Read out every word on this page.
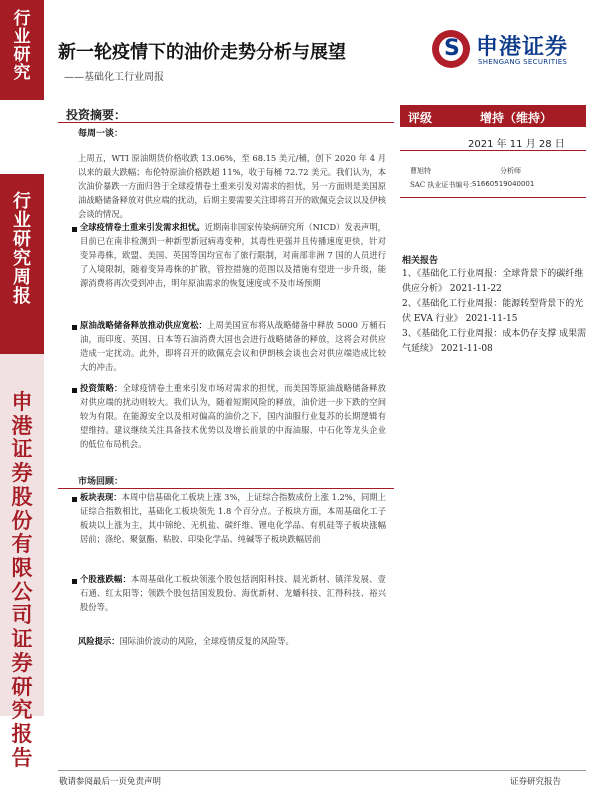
行业研究
行业研究周报
申港证券股份有限公司证券研究报告
新一轮疫情下的油价走势分析与展望
——基础化工行业周报
S 申港证券
SHENGANG SECURITIES
评级	增持（维持）
2021 年 11 月 28 日
曹旭特	分析师
SAC 执业证书编号：
S1660519040001
相关报告
1、《基础化工行业周报：全球背景下的碳纤维供应分析》 2021-11-22
2、《基础化工行业周报：能源转型背景下的光伏 EVA 行业》 2021-11-15
3、《基础化工行业周报：成本仍存支撑 成果需气延续》 2021-11-08
投资摘要：
每周一谈：
上周五，WTI 原油期货价格收跌 13.06%，至 68.15 美元/桶，创下 2020 年 4 月以来的最大跌幅；布伦特原油价格跌超 11%，收于每桶 72.72 美元。我们认为，本次油价暴跌一方面归咎于全球疫情卷土重来引发对需求的担忧，另一方面则是美国原油战略储备释放对供应端的扰动，后期主要需要关注即将召开的欧佩克会议以及伊核会谈的情况。
全球疫情卷土重来引发需求担忧。近期南非国家传染病研究所（NICD）发表声明，目前已在南非检测到一种新型新冠病毒变种，其毒性更强并且传播速度更快，针对变异毒株，欧盟、美国、英国等国均宣布了旅行限制，对南部非洲 7 国的人员进行了入境限制，随着变异毒株的扩散，管控措施的范围以及措施有望进一步升级，能源消费将再次受到冲击，明年原油需求的恢复速度或不及市场预期
原油战略储备释放推动供应宽松：上周美国宣布将从战略储备中释放 5000 万桶石油，而印度、英国、日本等石油消费大国也会进行战略储备的释放，这将会对供应造成一定扰动。此外，即将召开的欧佩克会议和伊朗核会谈也会对供应端造成比较大的冲击。
投资策略：全球疫情卷土重来引发市场对需求的担忧，而美国等原油战略储备释放对供应端的扰动则较大。我们认为，随着短期风险的释放，油价进一步下跌的空间较为有限。在能源安全以及相对偏高的油价之下，国内油服行业复苏的长期逻辑有望维持。建议继续关注具备技术优势以及增长前景的中海油服、中石化等龙头企业的低位布局机会。
市场回顾：
板块表现：本周中信基础化工板块上涨 3%，上证综合指数成份上涨 1.2%，同期上证综合指数相比，基础化工板块领先 1.8 个百分点。子板块方面，本周基础化工子板块以上涨为主，其中锦纶、无机盐、碳纤维、锂电化学品、有机硅等子板块涨幅居前；涤纶、聚氨酯、粘胶、印染化学品、纯碱等子板块跌幅居前
个股涨跌幅：本周基础化工板块领涨个股包括润阳科技、晨光新材、镇洋发展、壹石通、红太阳等；领跌个股包括国发股份、海优新材、龙蟠科技、汇得科技、裕兴股份等。
风险提示：国际油价波动的风险，全球疫情反复的风险等。
敬请参阅最后一页免责声明	证券研究报告
